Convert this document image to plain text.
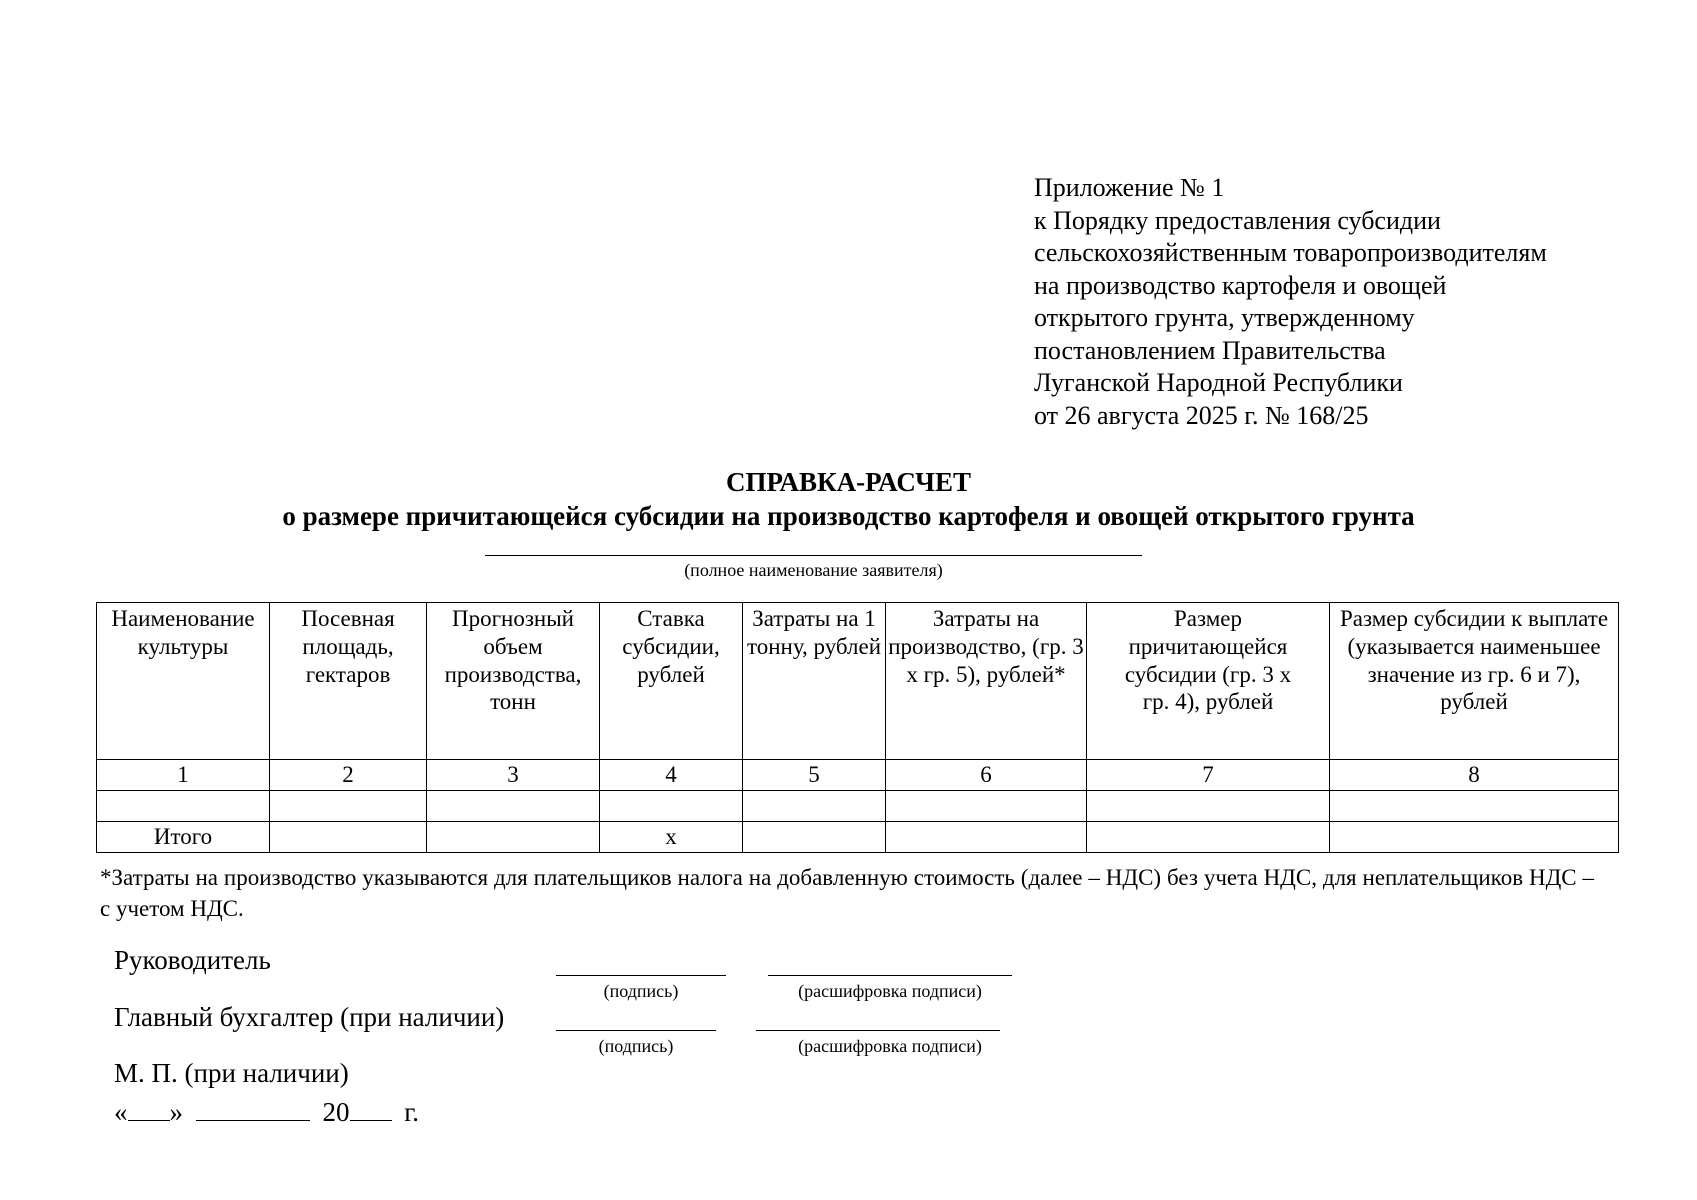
Приложение № 1
к Порядку предоставления субсидии
сельскохозяйственным товаропроизводителям
на производство картофеля и овощей
открытого грунта, утвержденному
постановлением Правительства
Луганской Народной Республики
от 26 августа 2025 г. № 168/25
СПРАВКА-РАСЧЕТ
о размере причитающейся субсидии на производство картофеля и овощей открытого грунта
(полное наименование заявителя)
Наименование культуры	Посевная площадь, гектаров	Прогнозный объем производства, тонн	Ставка субсидии, рублей	Затраты на 1 тонну, рублей	Затраты на производство, (гр. 3 х гр. 5), рублей*	Размер причитающейся субсидии (гр. 3 х гр. 4), рублей	Размер субсидии к выплате (указывается наименьшее значение из гр. 6 и 7), рублей
1	2	3	4	5	6	7	8

Итого			x				
*Затраты на производство указываются для плательщиков налога на добавленную стоимость (далее – НДС) без учета НДС, для неплательщиков НДС – с учетом НДС.
Руководитель
(подпись)	(расшифровка подписи)
Главный бухгалтер (при наличии)
(подпись)	(расшифровка подписи)
М. П. (при наличии)
« »	20 г.
